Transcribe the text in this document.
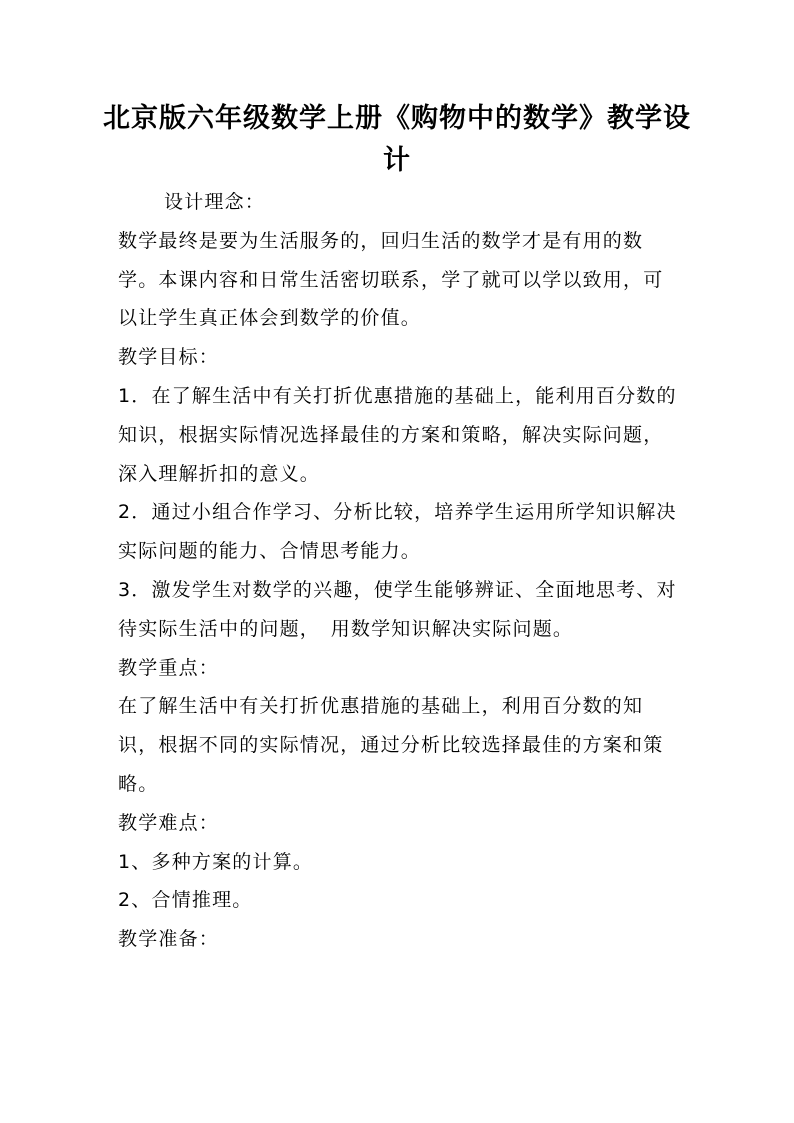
北京版六年级数学上册《购物中的数学》教学设计

设计理念：

数学最终是要为生活服务的，回归生活的数学才是有用的数学。本课内容和日常生活密切联系，学了就可以学以致用，可以让学生真正体会到数学的价值。

教学目标：

1．在了解生活中有关打折优惠措施的基础上，能利用百分数的知识，根据实际情况选择最佳的方案和策略，解决实际问题，深入理解折扣的意义。

2．通过小组合作学习、分析比较，培养学生运用所学知识解决实际问题的能力、合情思考能力。

3．激发学生对数学的兴趣，使学生能够辨证、全面地思考、对待实际生活中的问题，　用数学知识解决实际问题。

教学重点：

在了解生活中有关打折优惠措施的基础上，利用百分数的知识，根据不同的实际情况，通过分析比较选择最佳的方案和策略。

教学难点：

1、多种方案的计算。

2、合情推理。

教学准备：
